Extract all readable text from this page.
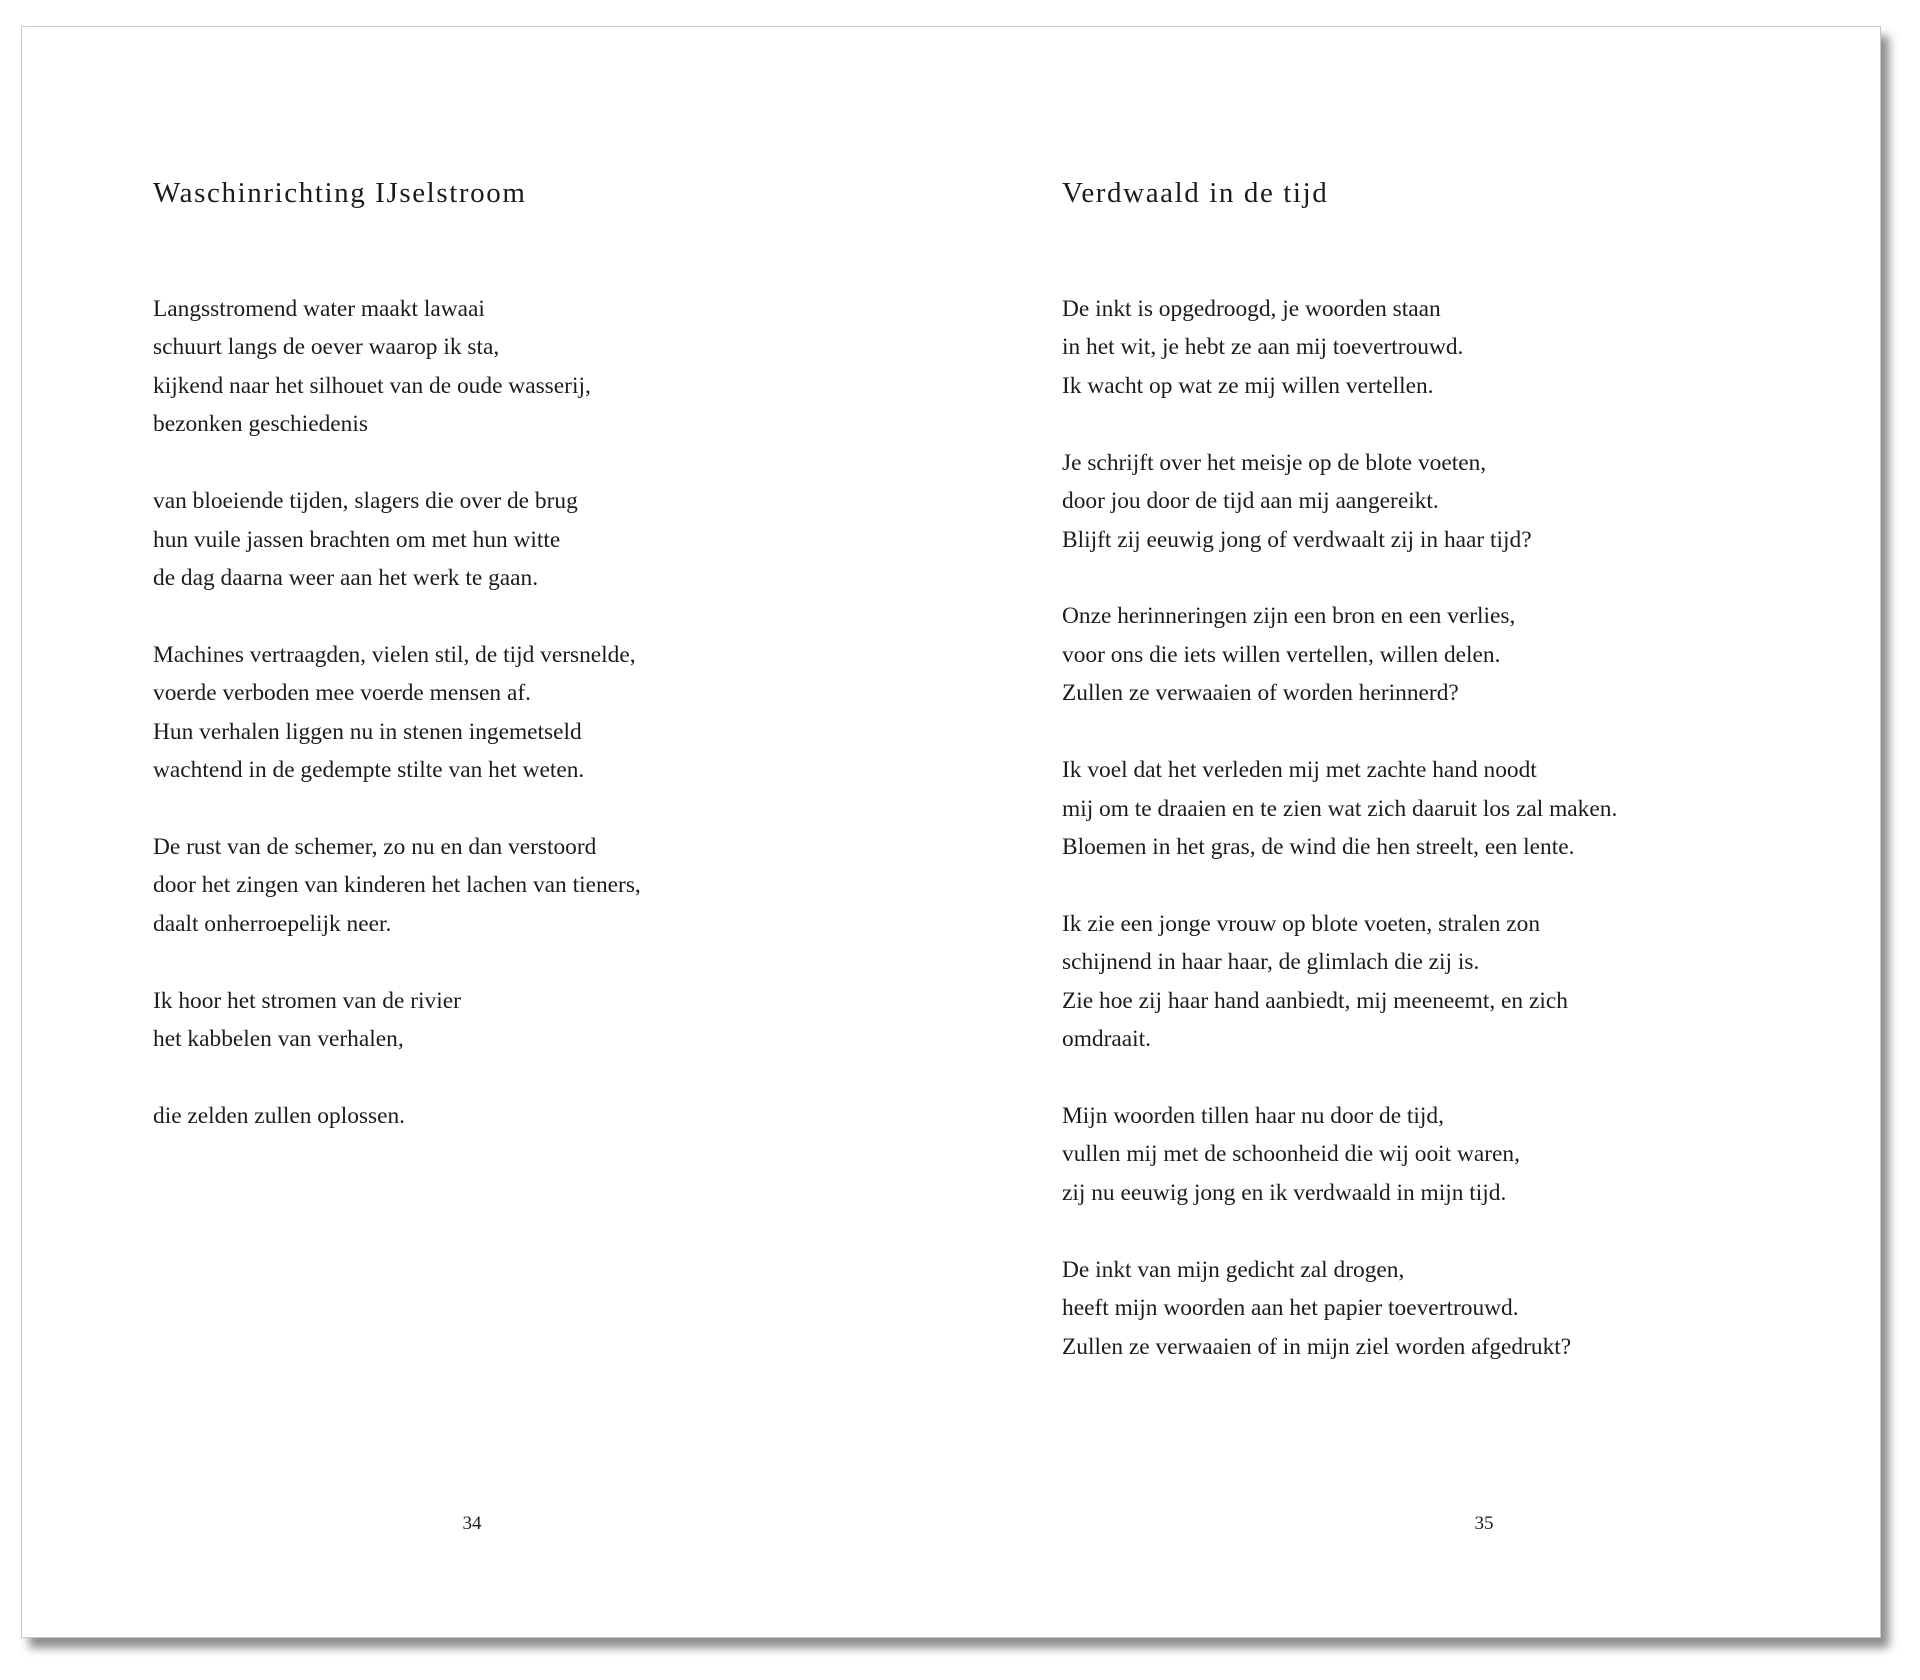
Waschinrichting IJselstroom
Langsstromend water maakt lawaai
schuurt langs de oever waarop ik sta,
kijkend naar het silhouet van de oude wasserij,
bezonken geschiedenis
van bloeiende tijden, slagers die over de brug
hun vuile jassen brachten om met hun witte
de dag daarna weer aan het werk te gaan.
Machines vertraagden, vielen stil, de tijd versnelde,
voerde verboden mee voerde mensen af.
Hun verhalen liggen nu in stenen ingemetseld
wachtend in de gedempte stilte van het weten.
De rust van de schemer, zo nu en dan verstoord
door het zingen van kinderen het lachen van tieners,
daalt onherroepelijk neer.
Ik hoor het stromen van de rivier
het kabbelen van verhalen,
die zelden zullen oplossen.
34
Verdwaald in de tijd
De inkt is opgedroogd, je woorden staan
in het wit, je hebt ze aan mij toevertrouwd.
Ik wacht op wat ze mij willen vertellen.
Je schrijft over het meisje op de blote voeten,
door jou door de tijd aan mij aangereikt.
Blijft zij eeuwig jong of verdwaalt zij in haar tijd?
Onze herinneringen zijn een bron en een verlies,
voor ons die iets willen vertellen, willen delen.
Zullen ze verwaaien of worden herinnerd?
Ik voel dat het verleden mij met zachte hand noodt
mij om te draaien en te zien wat zich daaruit los zal maken.
Bloemen in het gras, de wind die hen streelt, een lente.
Ik zie een jonge vrouw op blote voeten, stralen zon
schijnend in haar haar, de glimlach die zij is.
Zie hoe zij haar hand aanbiedt, mij meeneemt, en zich
omdraait.
Mijn woorden tillen haar nu door de tijd,
vullen mij met de schoonheid die wij ooit waren,
zij nu eeuwig jong en ik verdwaald in mijn tijd.
De inkt van mijn gedicht zal drogen,
heeft mijn woorden aan het papier toevertrouwd.
Zullen ze verwaaien of in mijn ziel worden afgedrukt?
35
